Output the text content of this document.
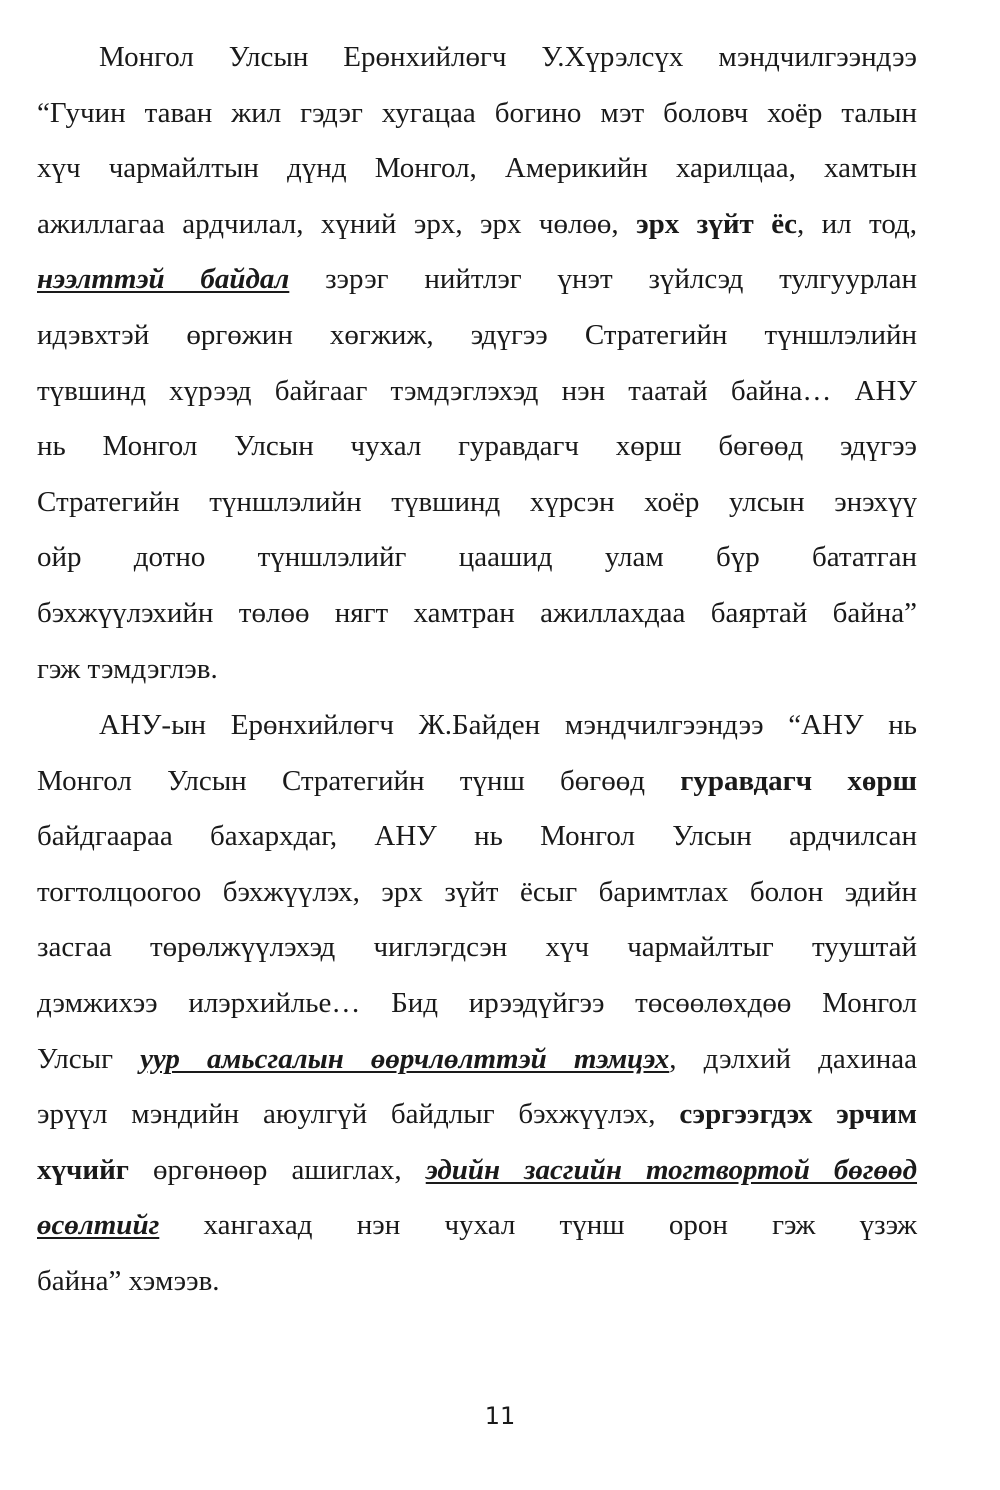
Монгол Улсын Ерөнхийлөгч У.Хүрэлсүх мэндчилгээндээ
“Гучин таван жил гэдэг хугацаа богино мэт боловч хоёр талын
хүч чармайлтын дүнд Монгол, Америкийн харилцаа, хамтын
ажиллагаа ардчилал, хүний эрх, эрх чөлөө, эрх зүйт ёс, ил тод,
нээлттэй байдал зэрэг нийтлэг үнэт зүйлсэд тулгуурлан
идэвхтэй өргөжин хөгжиж, эдүгээ Стратегийн түншлэлийн
түвшинд хүрээд байгааг тэмдэглэхэд нэн таатай байна… АНУ
нь Монгол Улсын чухал гуравдагч хөрш бөгөөд эдүгээ
Стратегийн түншлэлийн түвшинд хүрсэн хоёр улсын энэхүү
ойр дотно түншлэлийг цаашид улам бүр бататган
бэхжүүлэхийн төлөө нягт хамтран ажиллахдаа баяртай байна”
гэж тэмдэглэв.
АНУ-ын Ерөнхийлөгч Ж.Байден мэндчилгээндээ “АНУ нь
Монгол Улсын Стратегийн түнш бөгөөд гуравдагч хөрш
байдгаараа бахархдаг, АНУ нь Монгол Улсын ардчилсан
тогтолцоогоо бэхжүүлэх, эрх зүйт ёсыг баримтлах болон эдийн
засгаа төрөлжүүлэхэд чиглэгдсэн хүч чармайлтыг тууштай
дэмжихээ илэрхийлье… Бид ирээдүйгээ төсөөлөхдөө Монгол
Улсыг уур амьсгалын өөрчлөлттэй тэмцэх, дэлхий дахинаа
эрүүл мэндийн аюулгүй байдлыг бэхжүүлэх, сэргээгдэх эрчим
хүчийг өргөнөөр ашиглах, эдийн засгийн тогтвортой бөгөөд
өсөлтийг хангахад нэн чухал түнш орон гэж үзэж
байна” хэмээв.
11
